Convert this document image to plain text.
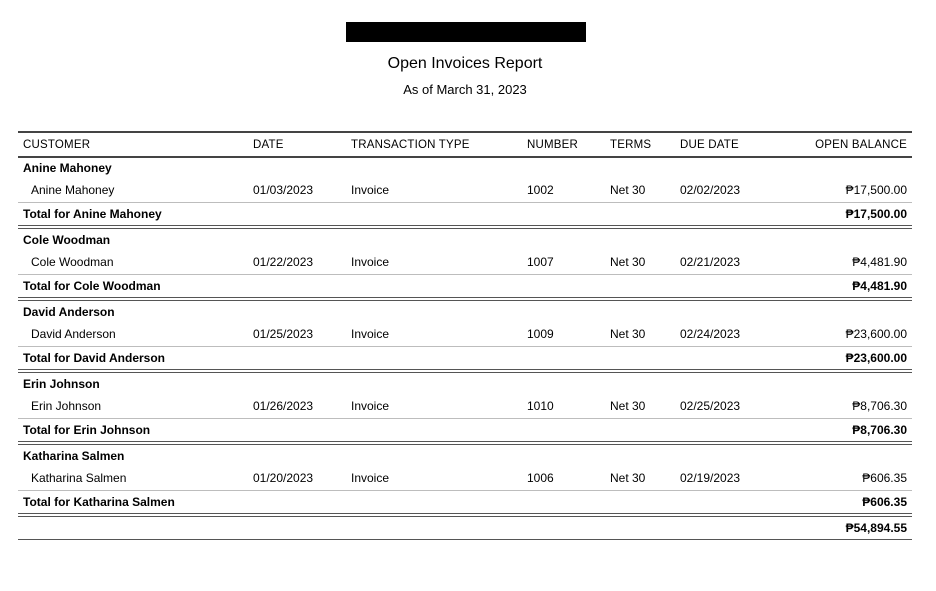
Open Invoices Report
As of March 31, 2023
CUSTOMER	DATE	TRANSACTION TYPE	NUMBER	TERMS	DUE DATE	OPEN BALANCE
Anine Mahoney
Anine Mahoney	01/03/2023	Invoice	1002	Net 30	02/02/2023	₱17,500.00
Total for Anine Mahoney	₱17,500.00
Cole Woodman
Cole Woodman	01/22/2023	Invoice	1007	Net 30	02/21/2023	₱4,481.90
Total for Cole Woodman	₱4,481.90
David Anderson
David Anderson	01/25/2023	Invoice	1009	Net 30	02/24/2023	₱23,600.00
Total for David Anderson	₱23,600.00
Erin Johnson
Erin Johnson	01/26/2023	Invoice	1010	Net 30	02/25/2023	₱8,706.30
Total for Erin Johnson	₱8,706.30
Katharina Salmen
Katharina Salmen	01/20/2023	Invoice	1006	Net 30	02/19/2023	₱606.35
Total for Katharina Salmen	₱606.35
₱54,894.55
